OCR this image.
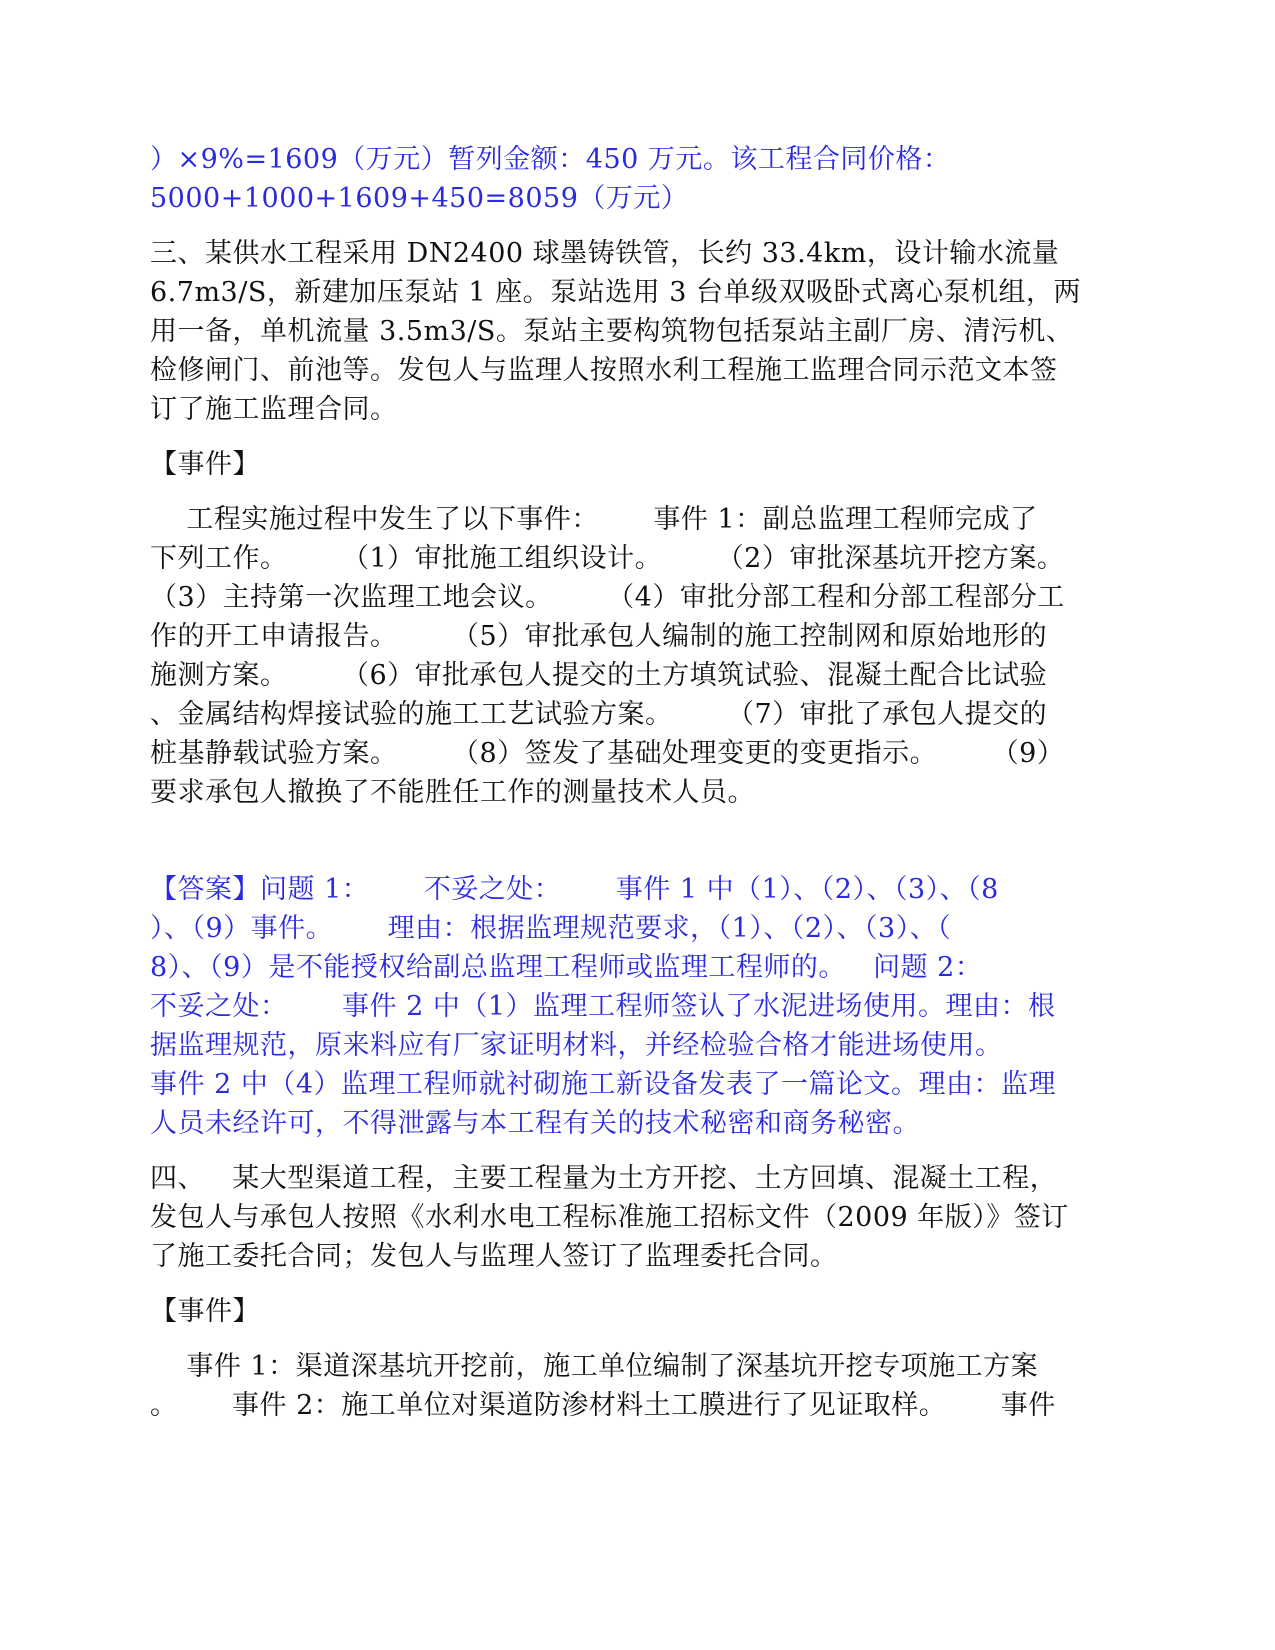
）×9%=1609（万元）暂列金额：450 万元。该工程合同价格：
5000+1000+1609+450=8059（万元）
三、某供水工程采用 DN2400 球墨铸铁管，长约 33.4km，设计输水流量
6.7m3/S，新建加压泵站 1 座。泵站选用 3 台单级双吸卧式离心泵机组，两
用一备，单机流量 3.5m3/S。泵站主要构筑物包括泵站主副厂房、清污机、
检修闸门、前池等。发包人与监理人按照水利工程施工监理合同示范文本签
订了施工监理合同。
【事件】
工程实施过程中发生了以下事件：      事件 1：副总监理工程师完成了
下列工作。      （1）审批施工组织设计。      （2）审批深基坑开挖方案。
（3）主持第一次监理工地会议。      （4）审批分部工程和分部工程部分工
作的开工申请报告。      （5）审批承包人编制的施工控制网和原始地形的
施测方案。      （6）审批承包人提交的土方填筑试验、混凝土配合比试验
、金属结构焊接试验的施工工艺试验方案。      （7）审批了承包人提交的
桩基静载试验方案。      （8）签发了基础处理变更的变更指示。      （9）
要求承包人撤换了不能胜任工作的测量技术人员。
【答案】问题 1：      不妥之处：      事件 1 中（1）、（2）、（3）、（8
）、（9）事件。      理由：根据监理规范要求，（1）、（2）、（3）、（
8）、（9）是不能授权给副总监理工程师或监理工程师的。   问题 2：
不妥之处：      事件 2 中（1）监理工程师签认了水泥进场使用。理由：根
据监理规范，原来料应有厂家证明材料，并经检验合格才能进场使用。
事件 2 中（4）监理工程师就衬砌施工新设备发表了一篇论文。理由：监理
人员未经许可，不得泄露与本工程有关的技术秘密和商务秘密。
四、   某大型渠道工程，主要工程量为土方开挖、土方回填、混凝土工程，
发包人与承包人按照《水利水电工程标准施工招标文件（2009 年版）》签订
了施工委托合同；发包人与监理人签订了监理委托合同。
【事件】
事件 1：渠道深基坑开挖前，施工单位编制了深基坑开挖专项施工方案
。      事件 2：施工单位对渠道防渗材料土工膜进行了见证取样。      事件
